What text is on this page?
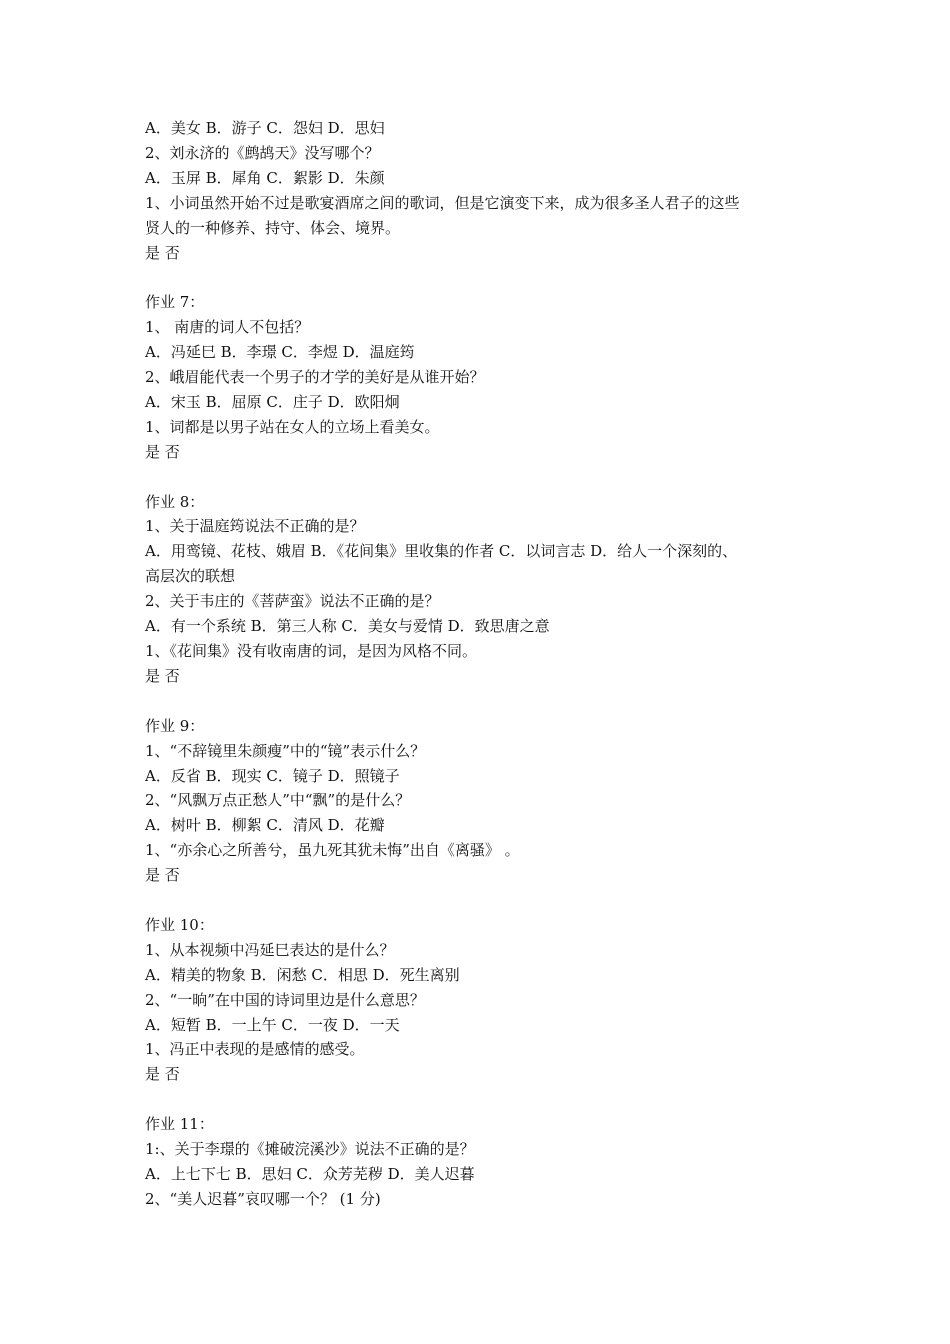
A．美女 B．游子 C．怨妇 D．思妇
2、刘永济的《鹧鸪天》没写哪个？
A．玉屏 B．犀角 C．絮影 D．朱颜
1、小词虽然开始不过是歌宴酒席之间的歌词，但是它演变下来，成为很多圣人君子的这些
贤人的一种修养、持守、体会、境界。
是 否
作业 7：
1、 南唐的词人不包括？
A．冯延巳 B．李璟 C．李煜 D．温庭筠
2、峨眉能代表一个男子的才学的美好是从谁开始？
A．宋玉 B．屈原 C．庄子 D．欧阳炯
1、词都是以男子站在女人的立场上看美女。
是 否
作业 8：
1、关于温庭筠说法不正确的是？
A．用鸾镜、花枝、娥眉 B．《花间集》里收集的作者 C．以词言志 D．给人一个深刻的、
高层次的联想
2、关于韦庄的《菩萨蛮》说法不正确的是？
A．有一个系统 B．第三人称 C．美女与爱情 D．致思唐之意
1、《花间集》没有收南唐的词，是因为风格不同。
是 否
作业 9：
1、“不辞镜里朱颜瘦”中的“镜”表示什么？
A．反省 B．现实 C．镜子 D．照镜子
2、“风飘万点正愁人”中“飘”的是什么？
A．树叶 B．柳絮 C．清风 D．花瓣
1、“亦余心之所善兮，虽九死其犹未悔”出自《离骚》 。
是 否
作业 10：
1、从本视频中冯延巳表达的是什么？
A．精美的物象 B．闲愁 C．相思 D．死生离别
2、“一晌”在中国的诗词里边是什么意思？
A．短暂 B．一上午 C．一夜 D．一天
1、冯正中表现的是感情的感受。
是 否
作业 11：
1:、关于李璟的《摊破浣溪沙》说法不正确的是？
A．上七下七 B．思妇 C．众芳芜秽 D．美人迟暮
2、“美人迟暮”哀叹哪一个？ (1 分)
